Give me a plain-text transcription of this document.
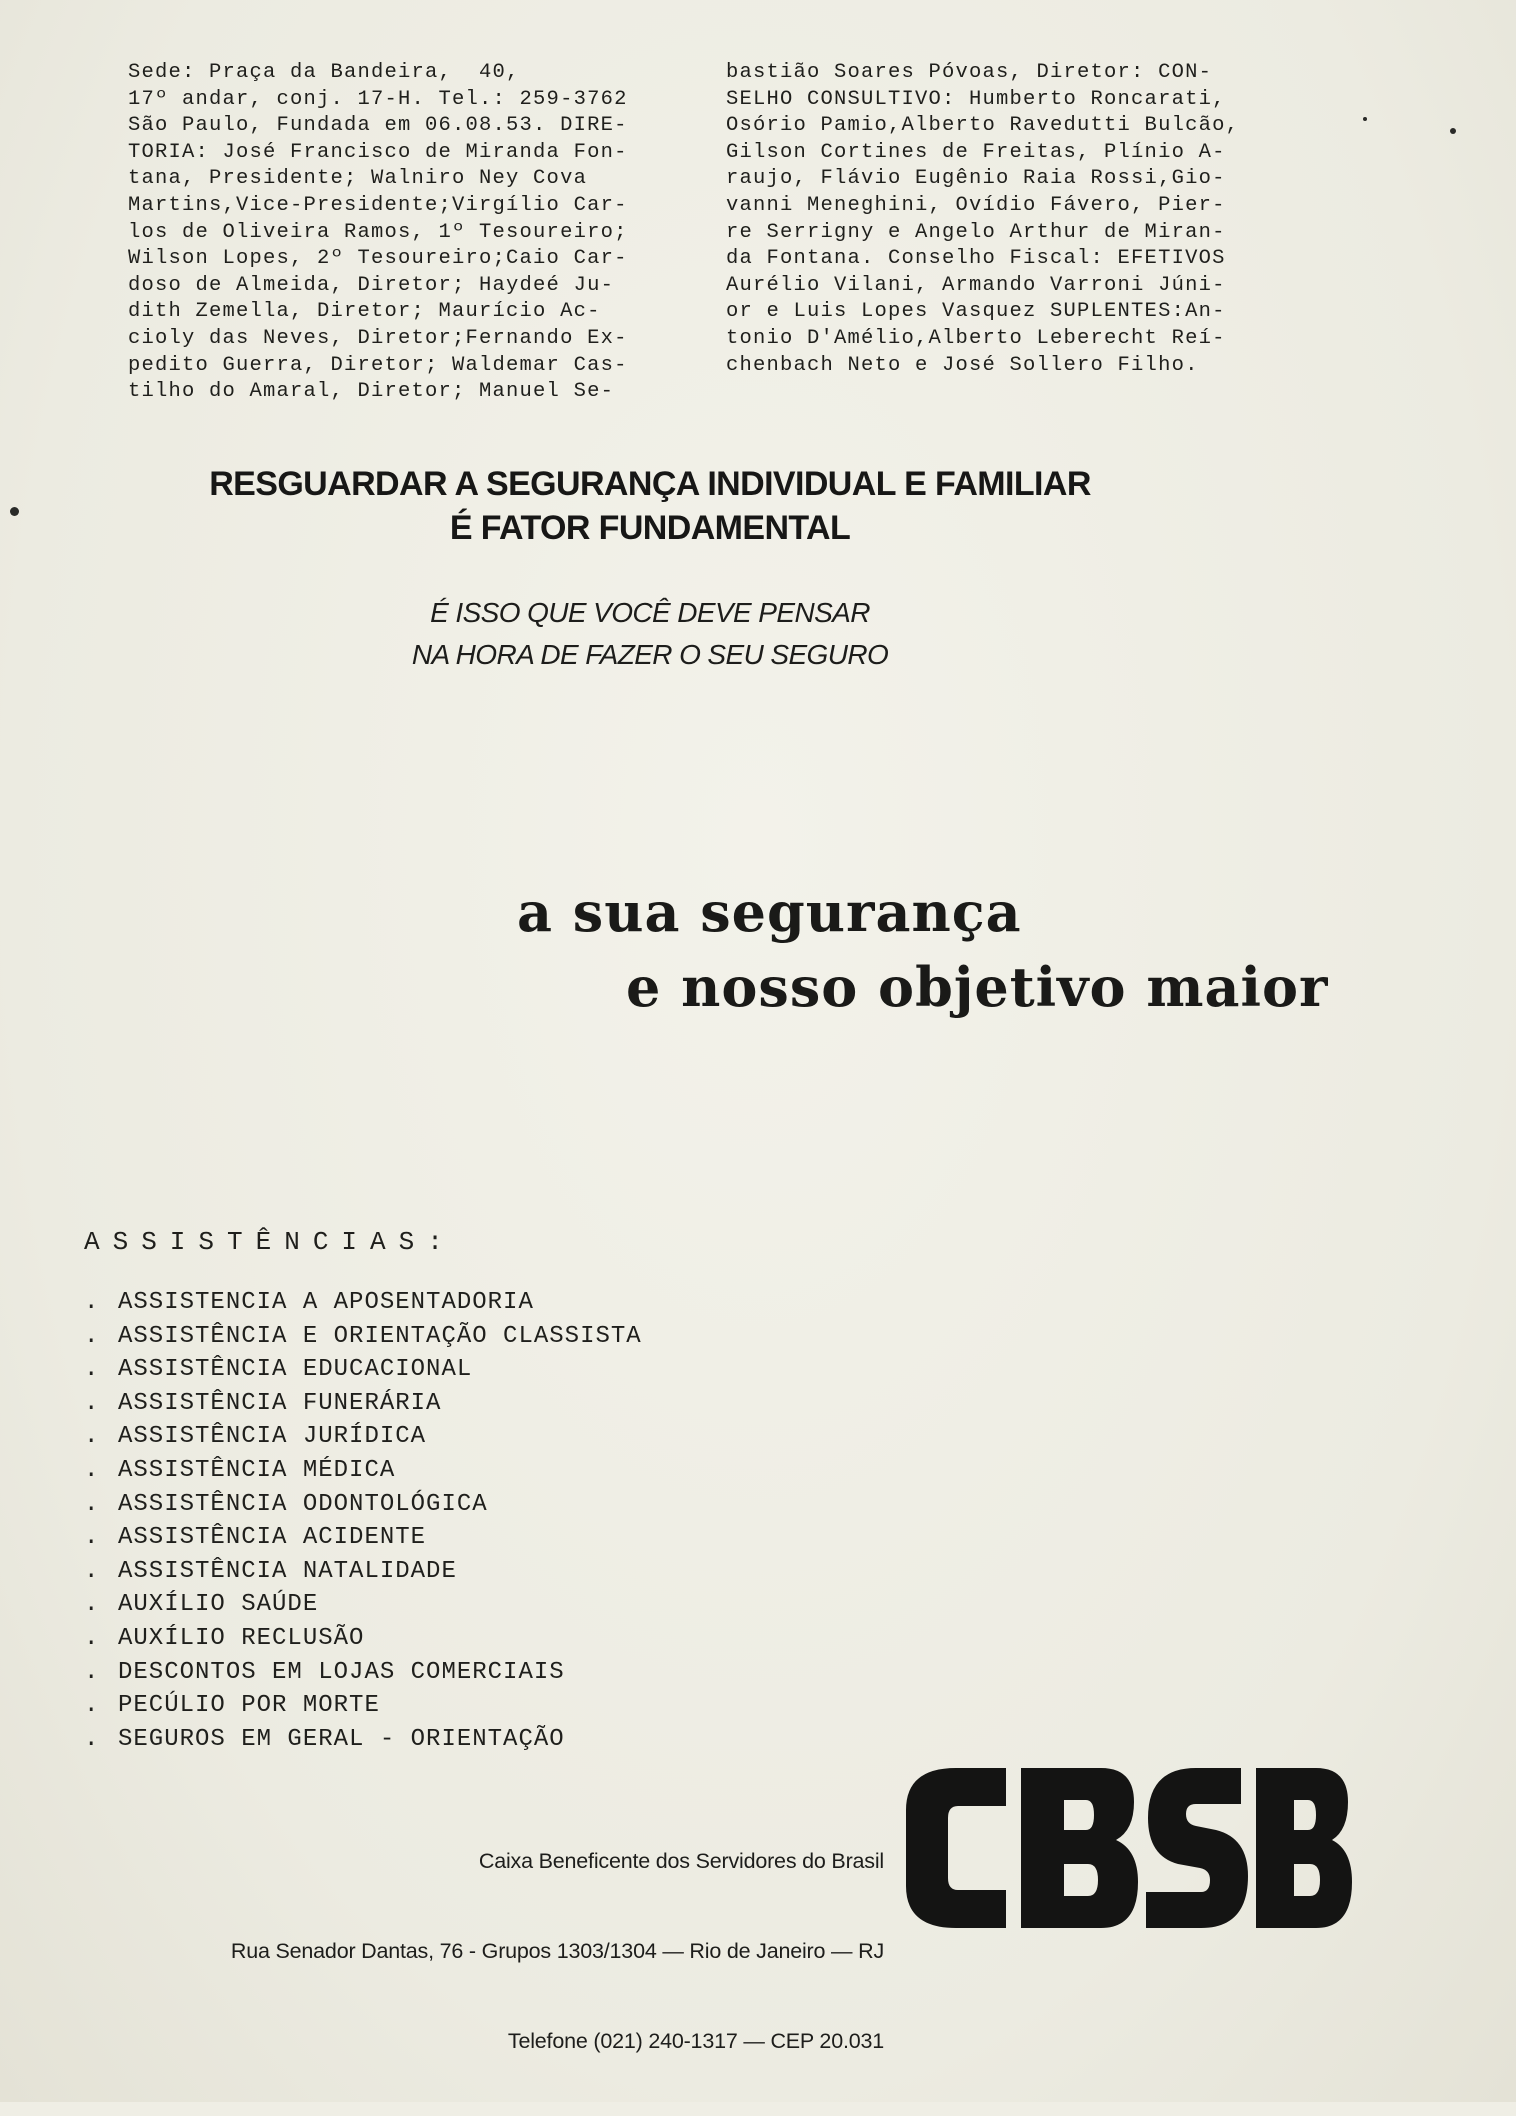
Sede: Praça da Bandeira,  40,
17º andar, conj. 17-H. Tel.: 259-3762
São Paulo, Fundada em 06.08.53. DIRE-
TORIA: José Francisco de Miranda Fon-
tana, Presidente; Walniro Ney Cova
Martins,Vice-Presidente;Virgílio Car-
los de Oliveira Ramos, 1º Tesoureiro;
Wilson Lopes, 2º Tesoureiro;Caio Car-
doso de Almeida, Diretor; Haydeé Ju-
dith Zemella, Diretor; Maurício Ac-
cioly das Neves, Diretor;Fernando Ex-
pedito Guerra, Diretor; Waldemar Cas-
tilho do Amaral, Diretor; Manuel Se-
bastião Soares Póvoas, Diretor: CON-
SELHO CONSULTIVO: Humberto Roncarati,
Osório Pamio,Alberto Ravedutti Bulcão,
Gilson Cortines de Freitas, Plínio A-
raujo, Flávio Eugênio Raia Rossi,Gio-
vanni Meneghini, Ovídio Fávero, Pier-
re Serrigny e Angelo Arthur de Miran-
da Fontana. Conselho Fiscal: EFETIVOS
Aurélio Vilani, Armando Varroni Júni-
or e Luis Lopes Vasquez SUPLENTES:An-
tonio D'Amélio,Alberto Leberecht Reí-
chenbach Neto e José Sollero Filho.
RESGUARDAR A SEGURANÇA INDIVIDUAL E FAMILIAR
É FATOR FUNDAMENTAL
É ISSO QUE VOCÊ DEVE PENSAR
NA HORA DE FAZER O SEU SEGURO
a sua segurança
e nosso objetivo maior
ASSISTÊNCIAS:
. ASSISTENCIA A APOSENTADORIA
. ASSISTÊNCIA E ORIENTAÇÃO CLASSISTA
. ASSISTÊNCIA EDUCACIONAL
. ASSISTÊNCIA FUNERÁRIA
. ASSISTÊNCIA JURÍDICA
. ASSISTÊNCIA MÉDICA
. ASSISTÊNCIA ODONTOLÓGICA
. ASSISTÊNCIA ACIDENTE
. ASSISTÊNCIA NATALIDADE
. AUXÍLIO SAÚDE
. AUXÍLIO RECLUSÃO
. DESCONTOS EM LOJAS COMERCIAIS
. PECÚLIO POR MORTE
. SEGUROS EM GERAL - ORIENTAÇÃO

Caixa Beneficente dos Servidores do Brasil

Rua Senador Dantas, 76 - Grupos 1303/1304 — Rio de Janeiro — RJ

Telefone (021) 240-1317 — CEP 20.031
